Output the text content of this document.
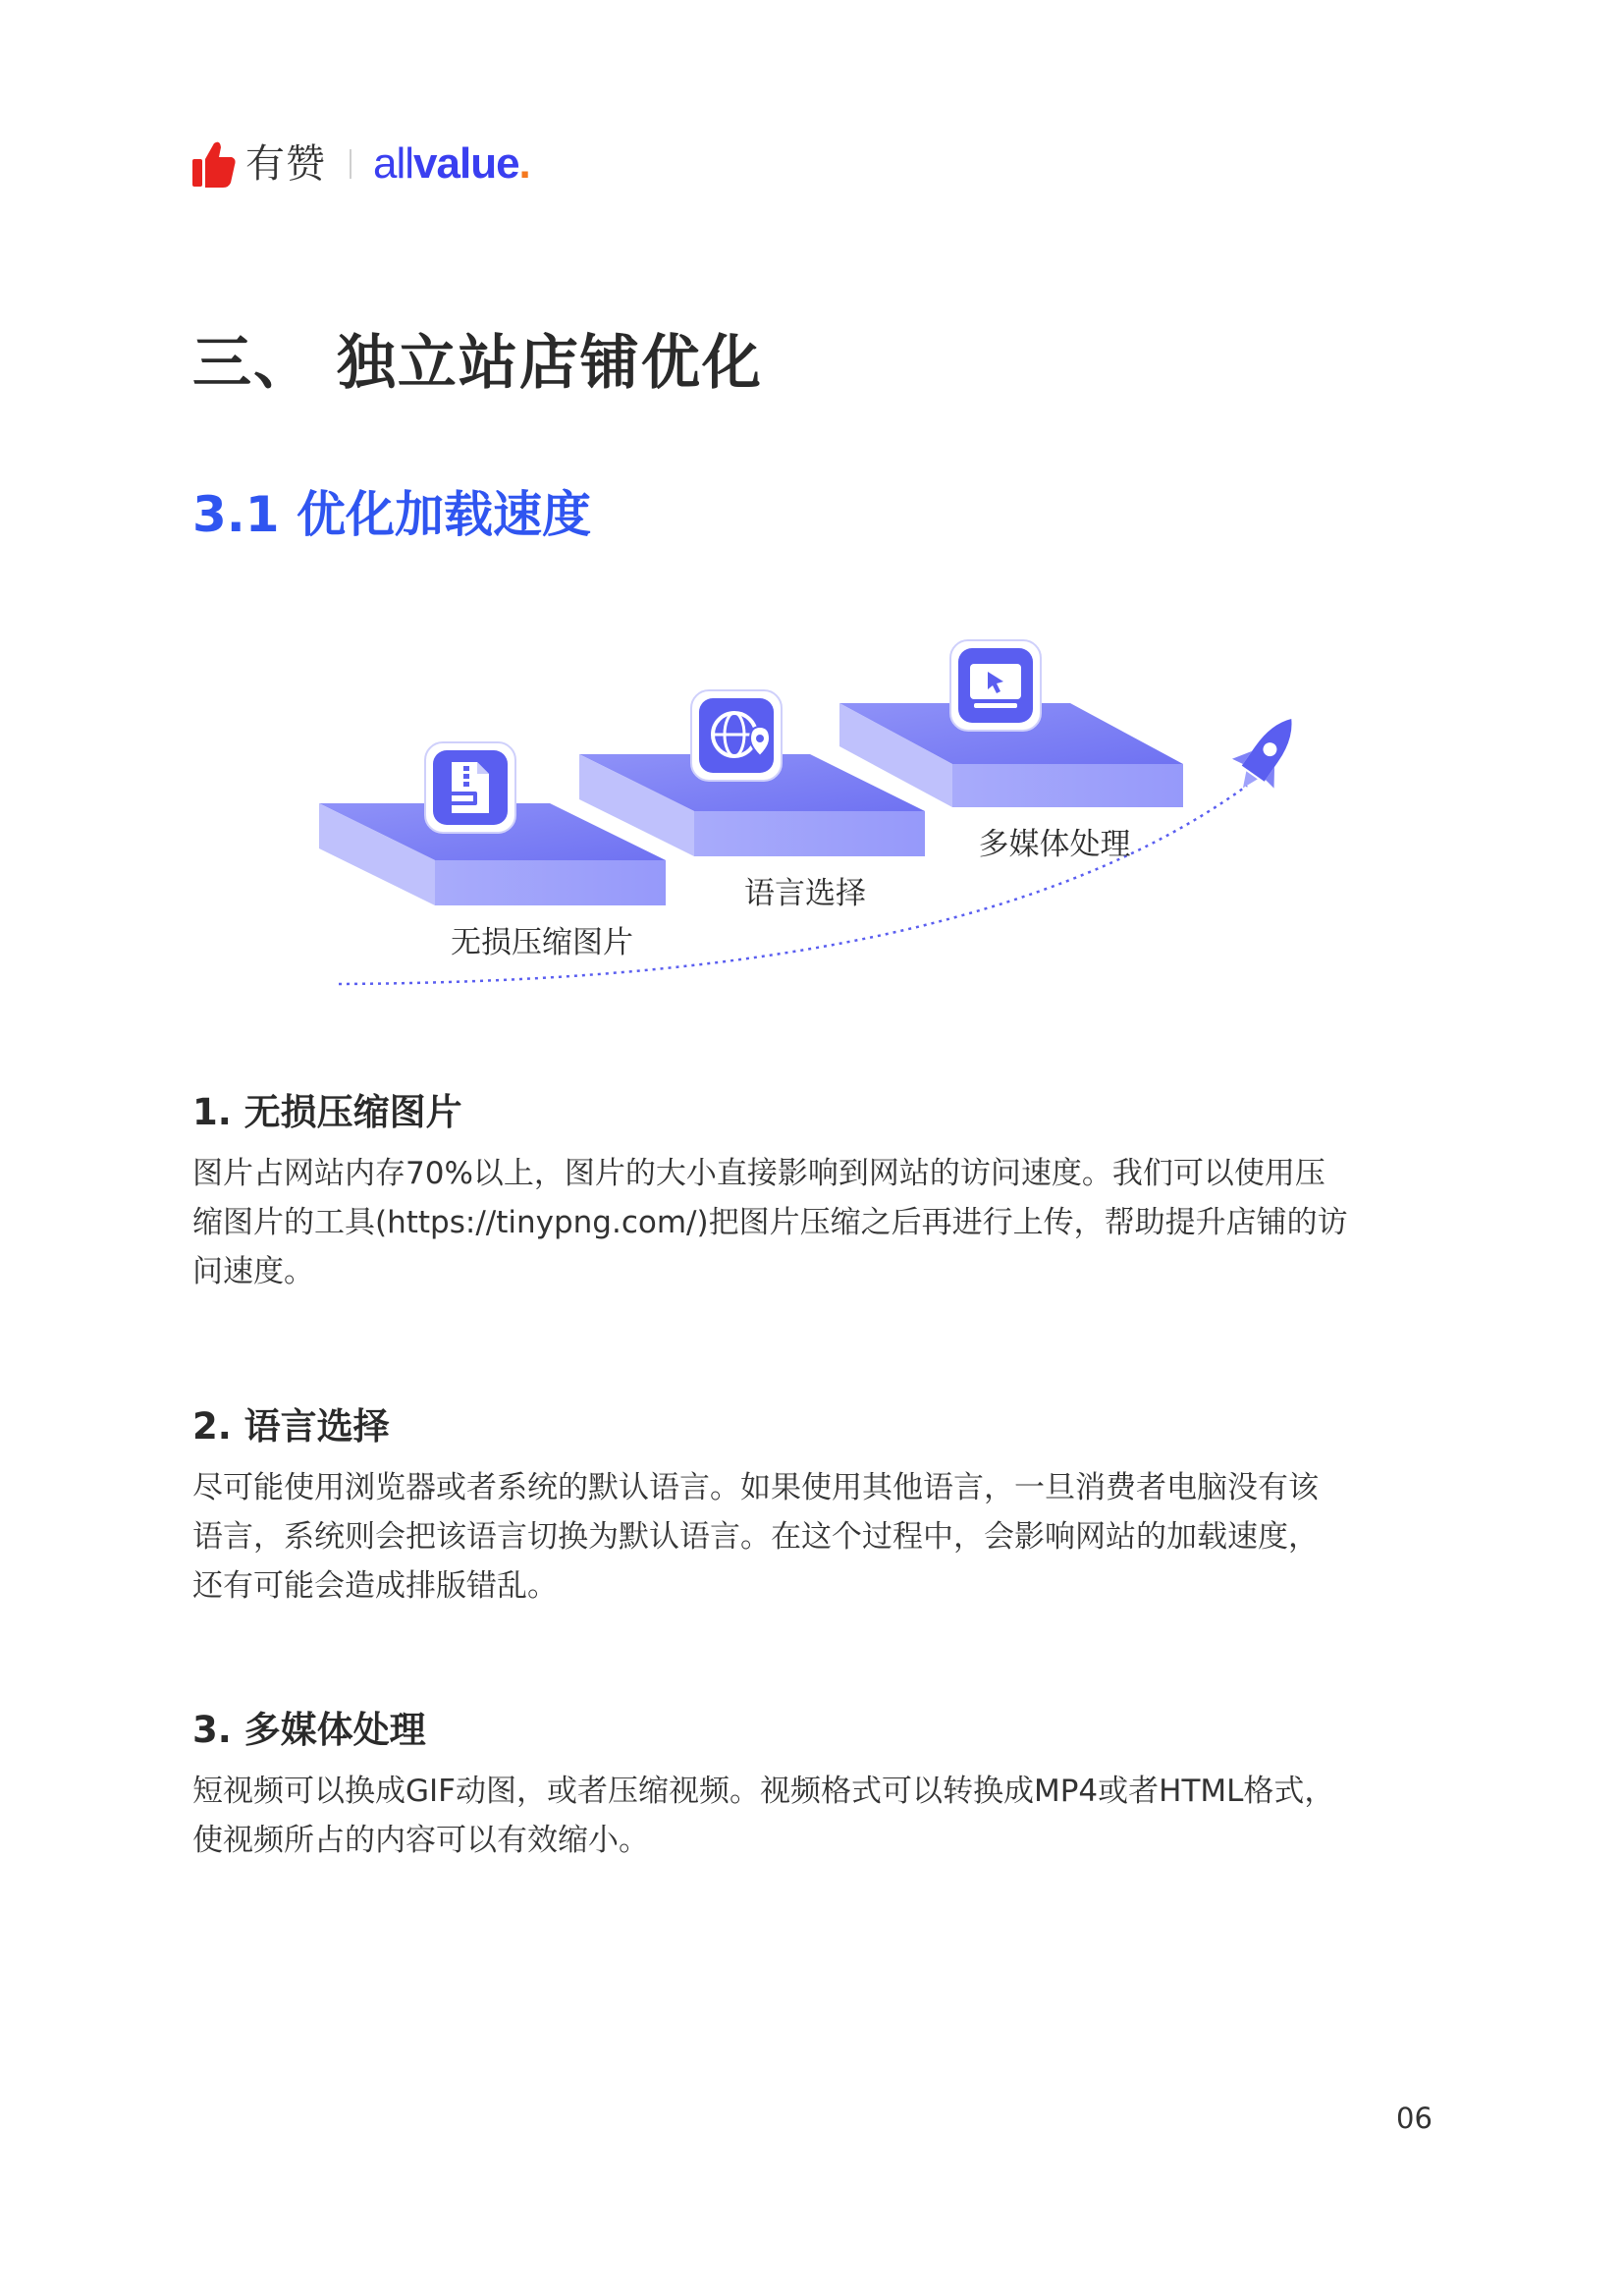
有赞 allvalue.
三、 独立站店铺优化
3.1 优化加载速度
无损压缩图片
语言选择
多媒体处理
1. 无损压缩图片
图片占网站内存70%以上，图片的大小直接影响到网站的访问速度。我们可以使用压
缩图片的工具(https://tinypng.com/)把图片压缩之后再进行上传，帮助提升店铺的访
问速度。
2. 语言选择
尽可能使用浏览器或者系统的默认语言。如果使用其他语言，一旦消费者电脑没有该
语言，系统则会把该语言切换为默认语言。在这个过程中，会影响网站的加载速度，
还有可能会造成排版错乱。
3. 多媒体处理
短视频可以换成GIF动图，或者压缩视频。视频格式可以转换成MP4或者HTML格式，
使视频所占的内容可以有效缩小。
06
